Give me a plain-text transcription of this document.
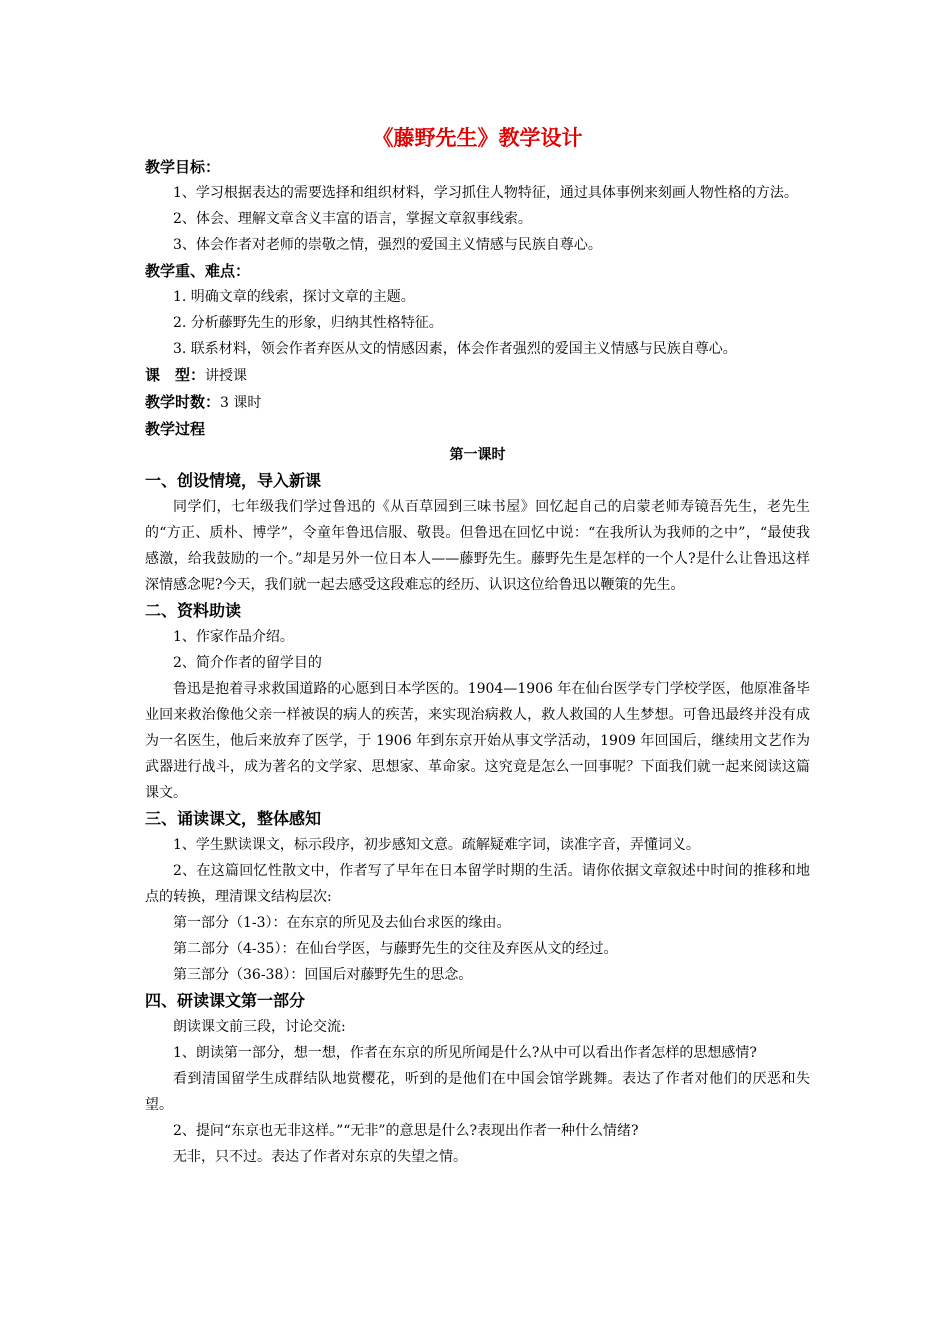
《藤野先生》教学设计
教学目标：

1、学习根据表达的需要选择和组织材料，学习抓住人物特征，通过具体事例来刻画人物性格的方法。

2、体会、理解文章含义丰富的语言，掌握文章叙事线索。

3、体会作者对老师的崇敬之情，强烈的爱国主义情感与民族自尊心。

教学重、难点：

1. 明确文章的线索，探讨文章的主题。

2. 分析藤野先生的形象，归纳其性格特征。

3. 联系材料，领会作者弃医从文的情感因素，体会作者强烈的爱国主义情感与民族自尊心。

课　型：讲授课
教学时数：3 课时
教学过程
第一课时
一、创设情境，导入新课

同学们，七年级我们学过鲁迅的《从百草园到三味书屋》回忆起自己的启蒙老师寿镜吾先生，老先生的“方正、质朴、博学”，令童年鲁迅信服、敬畏。但鲁迅在回忆中说：“在我所认为我师的之中”，“最使我感激，给我鼓励的一个。”却是另外一位日本人——藤野先生。藤野先生是怎样的一个人?是什么让鲁迅这样深情感念呢?今天，我们就一起去感受这段难忘的经历、认识这位给鲁迅以鞭策的先生。

二、资料助读

1、作家作品介绍。

2、简介作者的留学目的

鲁迅是抱着寻求救国道路的心愿到日本学医的。1904—1906 年在仙台医学专门学校学医，他原准备毕业回来救治像他父亲一样被误的病人的疾苦，来实现治病救人，救人救国的人生梦想。可鲁迅最终并没有成为一名医生，他后来放弃了医学，于 1906 年到东京开始从事文学活动，1909 年回国后，继续用文艺作为武器进行战斗，成为著名的文学家、思想家、革命家。这究竟是怎么一回事呢？下面我们就一起来阅读这篇课文。

三、诵读课文，整体感知

1、学生默读课文，标示段序，初步感知文意。疏解疑难字词，读准字音，弄懂词义。

2、在这篇回忆性散文中，作者写了早年在日本留学时期的生活。请你依据文章叙述中时间的推移和地点的转换，理清课文结构层次:

第一部分（1-3）：在东京的所见及去仙台求医的缘由。

第二部分（4-35）：在仙台学医，与藤野先生的交往及弃医从文的经过。

第三部分（36-38）：回国后对藤野先生的思念。

四、研读课文第一部分

朗读课文前三段，讨论交流:

1、朗读第一部分，想一想，作者在东京的所见所闻是什么?从中可以看出作者怎样的思想感情?

看到清国留学生成群结队地赏樱花，听到的是他们在中国会馆学跳舞。表达了作者对他们的厌恶和失望。

2、提问“东京也无非这样。”“无非”的意思是什么?表现出作者一种什么情绪?

无非，只不过。表达了作者对东京的失望之情。
